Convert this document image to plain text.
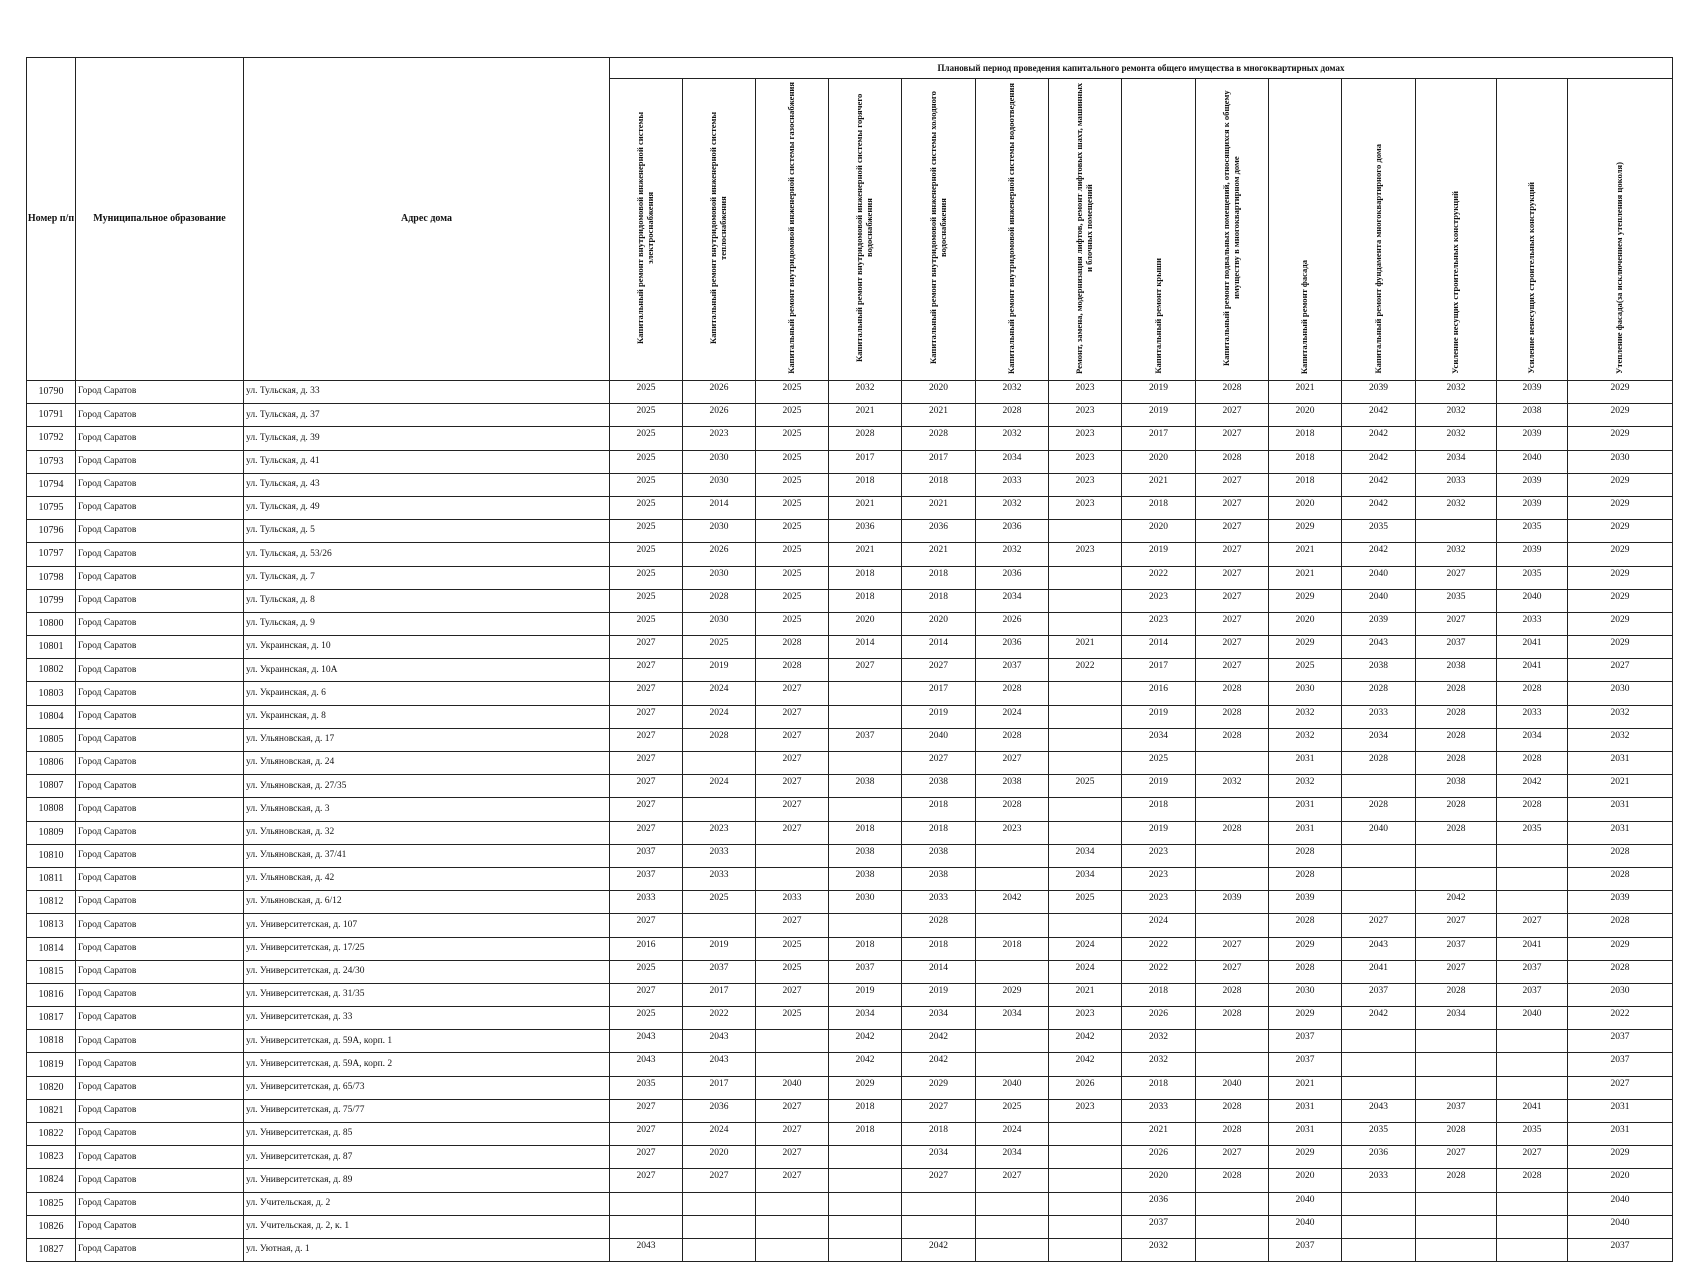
Номер п/п	Муниципальное образование	Адрес дома	Плановый период проведения капитального ремонта общего имущества в многоквартирных домах													

			Капитальный ремонт внутридомовой инженерной системы электроснабжения	Капитальный ремонт внутридомовой инженерной системы теплоснабжения	Капитальный ремонт внутридомовой инженерной системы газоснабжения	Капитальный ремонт внутридомовой инженерной системы горячего водоснабжения	Капитальный ремонт внутридомовой инженерной системы холодного водоснабжения	Капитальный ремонт внутридомовой инженерной системы водоотведения	Ремонт, замена, модернизация лифтов, ремонт лифтовых шахт, машинных и блочных помещений	Капитальный ремонт крыши	Капитальный ремонт подвальных помещений, относящихся к общему имуществу в многоквартирном доме	Капитальный ремонт фасада	Капитальный ремонт фундамента многоквартирного дома	Усиление несущих строительных конструкций	Усиление ненесущих строительных конструкций	Утепление фасада(за исключением утепления цоколя)

10790	Город Саратов	ул. Тульская, д. 33	2025	2026	2025	2032	2020	2032	2023	2019	2028	2021	2039	2032	2039	2029
10791	Город Саратов	ул. Тульская, д. 37	2025	2026	2025	2021	2021	2028	2023	2019	2027	2020	2042	2032	2038	2029
10792	Город Саратов	ул. Тульская, д. 39	2025	2023	2025	2028	2028	2032	2023	2017	2027	2018	2042	2032	2039	2029
10793	Город Саратов	ул. Тульская, д. 41	2025	2030	2025	2017	2017	2034	2023	2020	2028	2018	2042	2034	2040	2030
10794	Город Саратов	ул. Тульская, д. 43	2025	2030	2025	2018	2018	2033	2023	2021	2027	2018	2042	2033	2039	2029
10795	Город Саратов	ул. Тульская, д. 49	2025	2014	2025	2021	2021	2032	2023	2018	2027	2020	2042	2032	2039	2029
10796	Город Саратов	ул. Тульская, д. 5	2025	2030	2025	2036	2036	2036		2020	2027	2029	2035		2035	2029
10797	Город Саратов	ул. Тульская, д. 53/26	2025	2026	2025	2021	2021	2032	2023	2019	2027	2021	2042	2032	2039	2029
10798	Город Саратов	ул. Тульская, д. 7	2025	2030	2025	2018	2018	2036		2022	2027	2021	2040	2027	2035	2029
10799	Город Саратов	ул. Тульская, д. 8	2025	2028	2025	2018	2018	2034		2023	2027	2029	2040	2035	2040	2029
10800	Город Саратов	ул. Тульская, д. 9	2025	2030	2025	2020	2020	2026		2023	2027	2020	2039	2027	2033	2029
10801	Город Саратов	ул. Украинская, д. 10	2027	2025	2028	2014	2014	2036	2021	2014	2027	2029	2043	2037	2041	2029
10802	Город Саратов	ул. Украинская, д. 10А	2027	2019	2028	2027	2027	2037	2022	2017	2027	2025	2038	2038	2041	2027
10803	Город Саратов	ул. Украинская, д. 6	2027	2024	2027		2017	2028		2016	2028	2030	2028	2028	2028	2030
10804	Город Саратов	ул. Украинская, д. 8	2027	2024	2027		2019	2024		2019	2028	2032	2033	2028	2033	2032
10805	Город Саратов	ул. Ульяновская, д. 17	2027	2028	2027	2037	2040	2028		2034	2028	2032	2034	2028	2034	2032
10806	Город Саратов	ул. Ульяновская, д. 24	2027		2027		2027	2027		2025		2031	2028	2028	2028	2031
10807	Город Саратов	ул. Ульяновская, д. 27/35	2027	2024	2027	2038	2038	2038	2025	2019	2032	2032		2038	2042	2021
10808	Город Саратов	ул. Ульяновская, д. 3	2027		2027		2018	2028		2018		2031	2028	2028	2028	2031
10809	Город Саратов	ул. Ульяновская, д. 32	2027	2023	2027	2018	2018	2023		2019	2028	2031	2040	2028	2035	2031
10810	Город Саратов	ул. Ульяновская, д. 37/41	2037	2033		2038	2038		2034	2023		2028				2028
10811	Город Саратов	ул. Ульяновская, д. 42	2037	2033		2038	2038		2034	2023		2028				2028
10812	Город Саратов	ул. Ульяновская, д. 6/12	2033	2025	2033	2030	2033	2042	2025	2023	2039	2039		2042		2039
10813	Город Саратов	ул. Университетская, д. 107	2027		2027		2028			2024		2028	2027	2027	2027	2028
10814	Город Саратов	ул. Университетская, д. 17/25	2016	2019	2025	2018	2018	2018	2024	2022	2027	2029	2043	2037	2041	2029
10815	Город Саратов	ул. Университетская, д. 24/30	2025	2037	2025	2037	2014		2024	2022	2027	2028	2041	2027	2037	2028
10816	Город Саратов	ул. Университетская, д. 31/35	2027	2017	2027	2019	2019	2029	2021	2018	2028	2030	2037	2028	2037	2030
10817	Город Саратов	ул. Университетская, д. 33	2025	2022	2025	2034	2034	2034	2023	2026	2028	2029	2042	2034	2040	2022
10818	Город Саратов	ул. Университетская, д. 59А, корп. 1	2043	2043		2042	2042		2042	2032		2037				2037
10819	Город Саратов	ул. Университетская, д. 59А, корп. 2	2043	2043		2042	2042		2042	2032		2037				2037
10820	Город Саратов	ул. Университетская, д. 65/73	2035	2017	2040	2029	2029	2040	2026	2018	2040	2021				2027
10821	Город Саратов	ул. Университетская, д. 75/77	2027	2036	2027	2018	2027	2025	2023	2033	2028	2031	2043	2037	2041	2031
10822	Город Саратов	ул. Университетская, д. 85	2027	2024	2027	2018	2018	2024		2021	2028	2031	2035	2028	2035	2031
10823	Город Саратов	ул. Университетская, д. 87	2027	2020	2027		2034	2034		2026	2027	2029	2036	2027	2027	2029
10824	Город Саратов	ул. Университетская, д. 89	2027	2027	2027		2027	2027		2020	2028	2020	2033	2028	2028	2020
10825	Город Саратов	ул. Учительская, д. 2								2036		2040				2040
10826	Город Саратов	ул. Учительская, д. 2, к. 1								2037		2040				2040
10827	Город Саратов	ул. Уютная, д. 1	2043				2042			2032		2037				2037
